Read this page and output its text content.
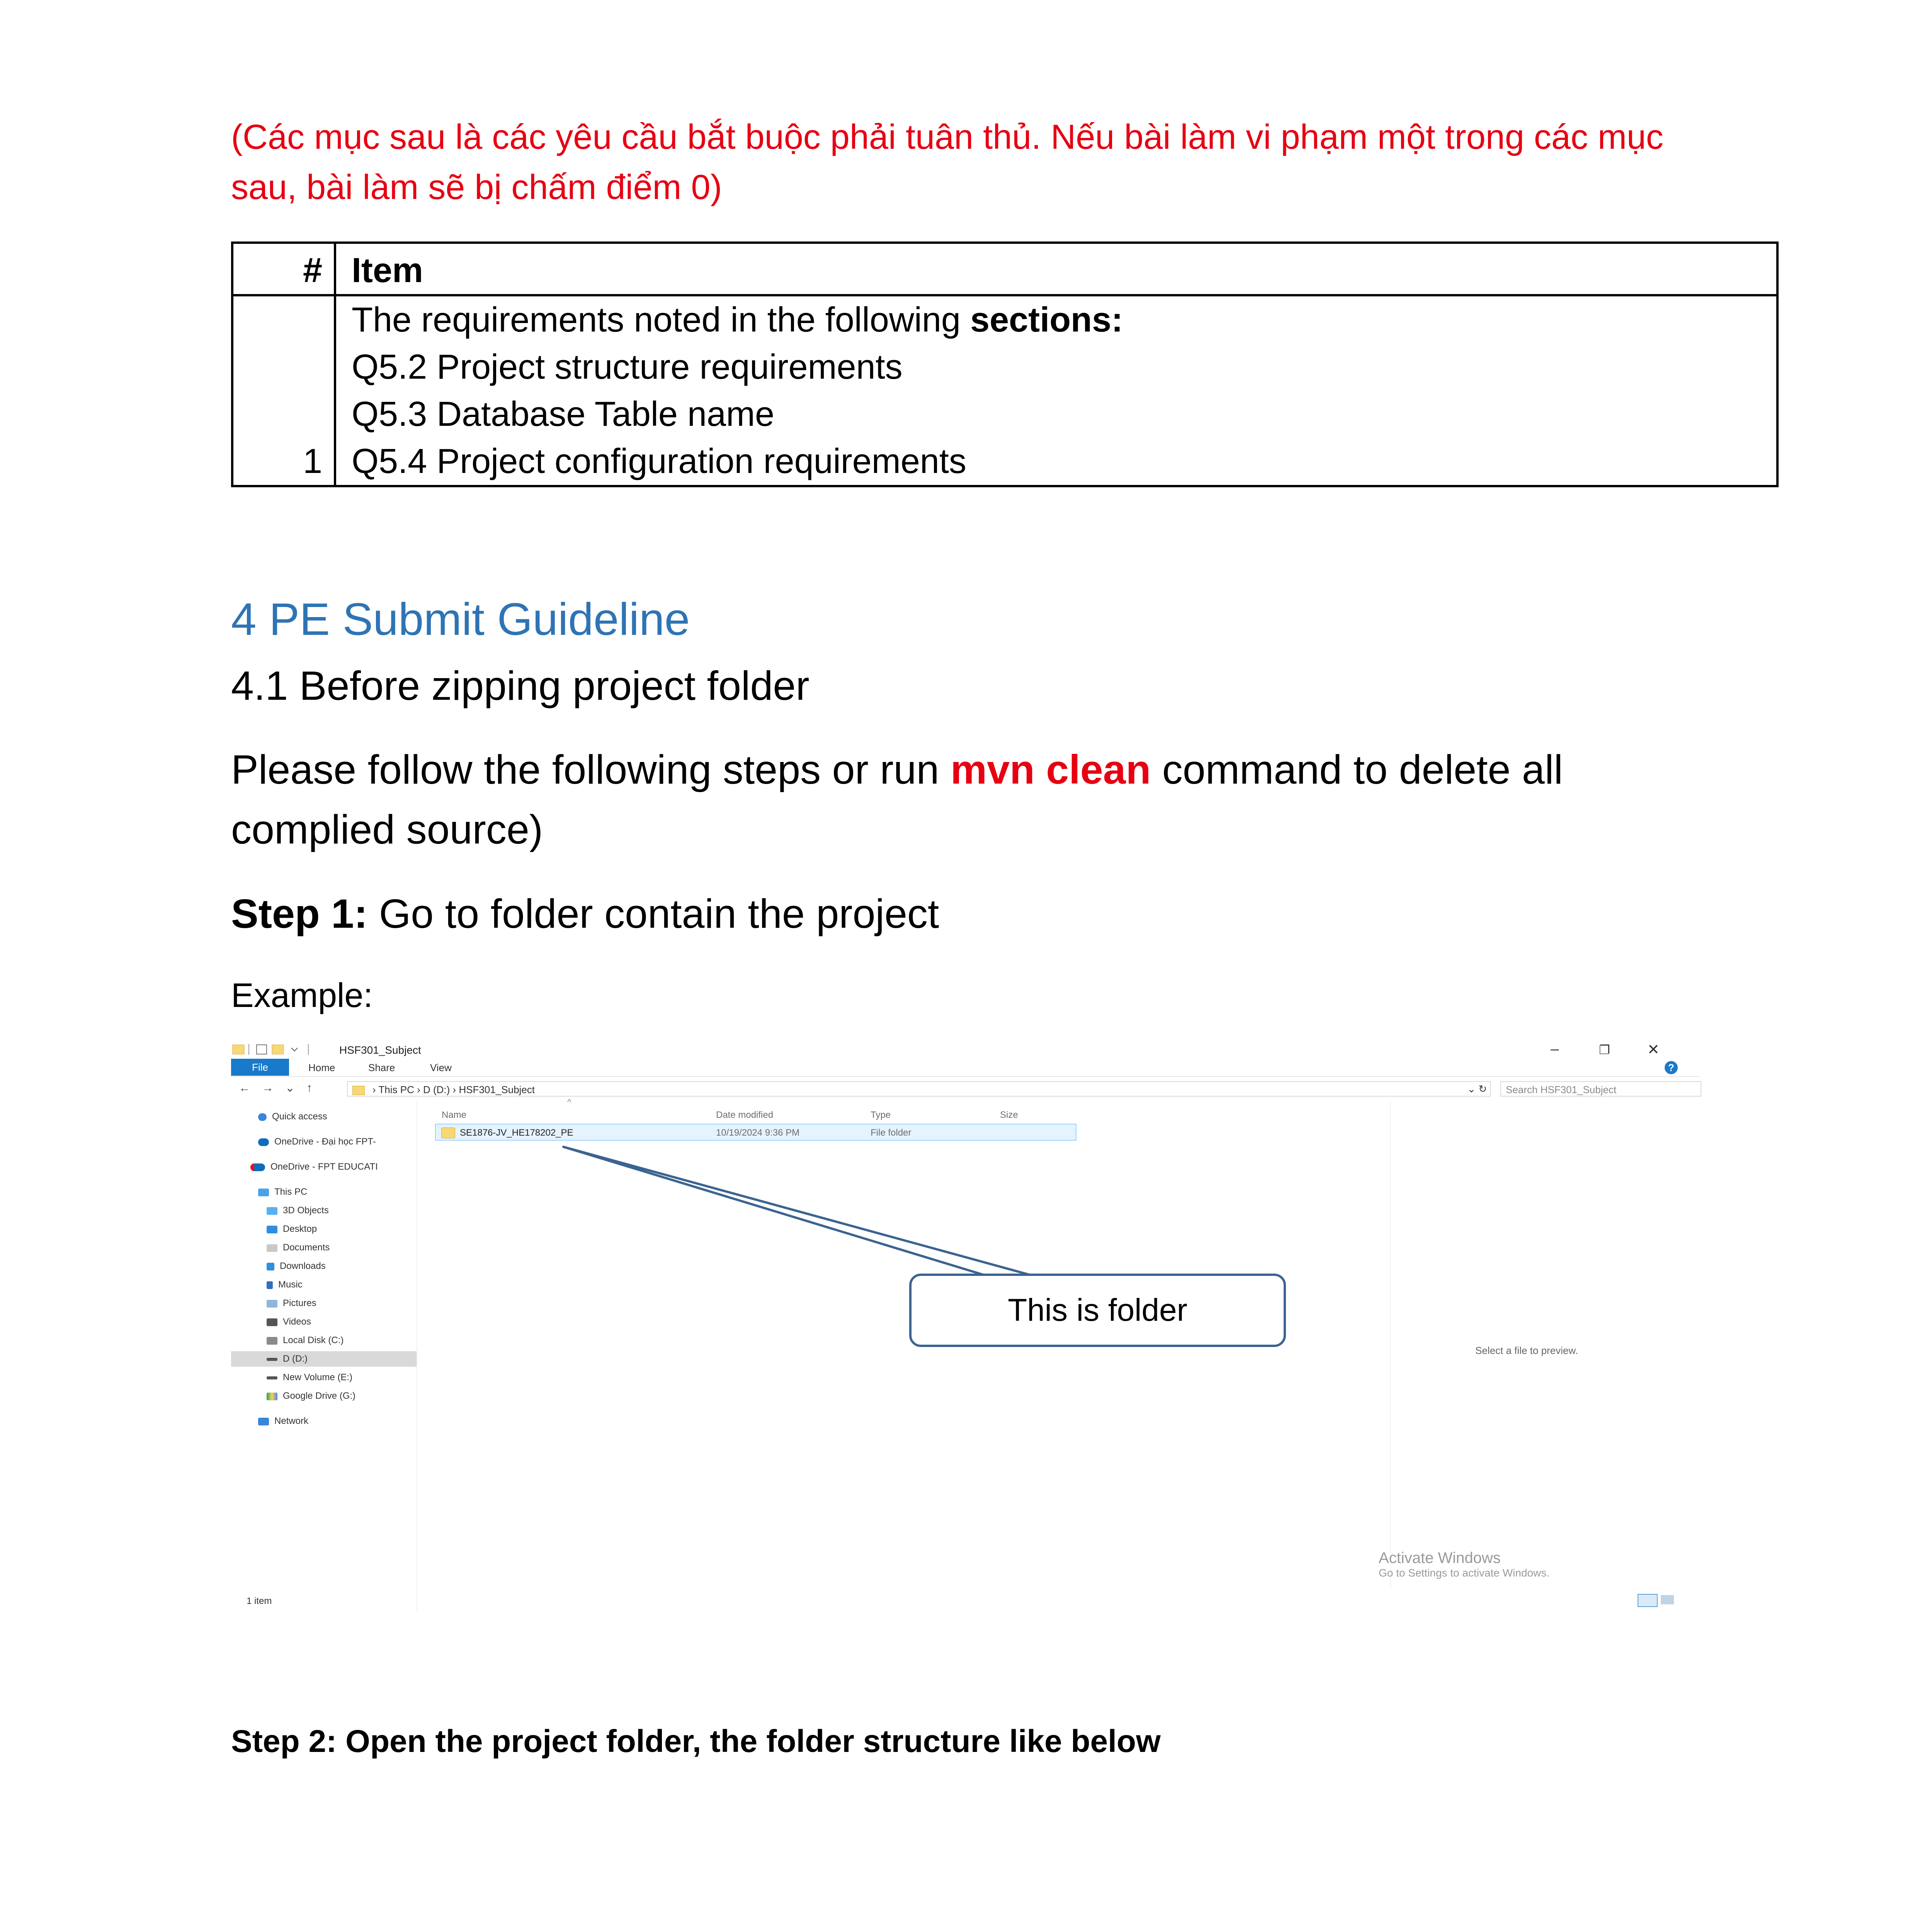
(Các mục sau là các yêu cầu bắt buộc phải tuân thủ. Nếu bài làm vi phạm một trong các mục sau, bài làm sẽ bị chấm điểm 0)
#	Item
1	The requirements noted in the following sections:
Q5.2 Project structure requirements
Q5.3 Database Table name
Q5.4 Project configuration requirements
4 PE Submit Guideline
4.1 Before zipping project folder
Please follow the following steps or run mvn clean command to delete all complied source)
Step 1: Go to folder contain the project
Example:
HSF301_Subject	–	❐	✕
File	Home	Share	View	?
←→⌄↑	› This PC › D (D:) › HSF301_Subject	⌄ ↻	Search HSF301_Subject
Quick access
OneDrive - Đại học FPT-
OneDrive - FPT EDUCATI
This PC
3D Objects
Desktop
Documents
Downloads
Music
Pictures
Videos
Local Disk (C:)
D (D:)
New Volume (E:)
Google Drive (G:)
Network
Name
^
Date modified	Type	Size
SE1876-JV_HE178202_PE	10/19/2024 9:36 PM	File folder
This is folder
Select a file to preview.
Activate Windows
Go to Settings to activate Windows.
1 item
Step 2: Open the project folder, the folder structure like below
